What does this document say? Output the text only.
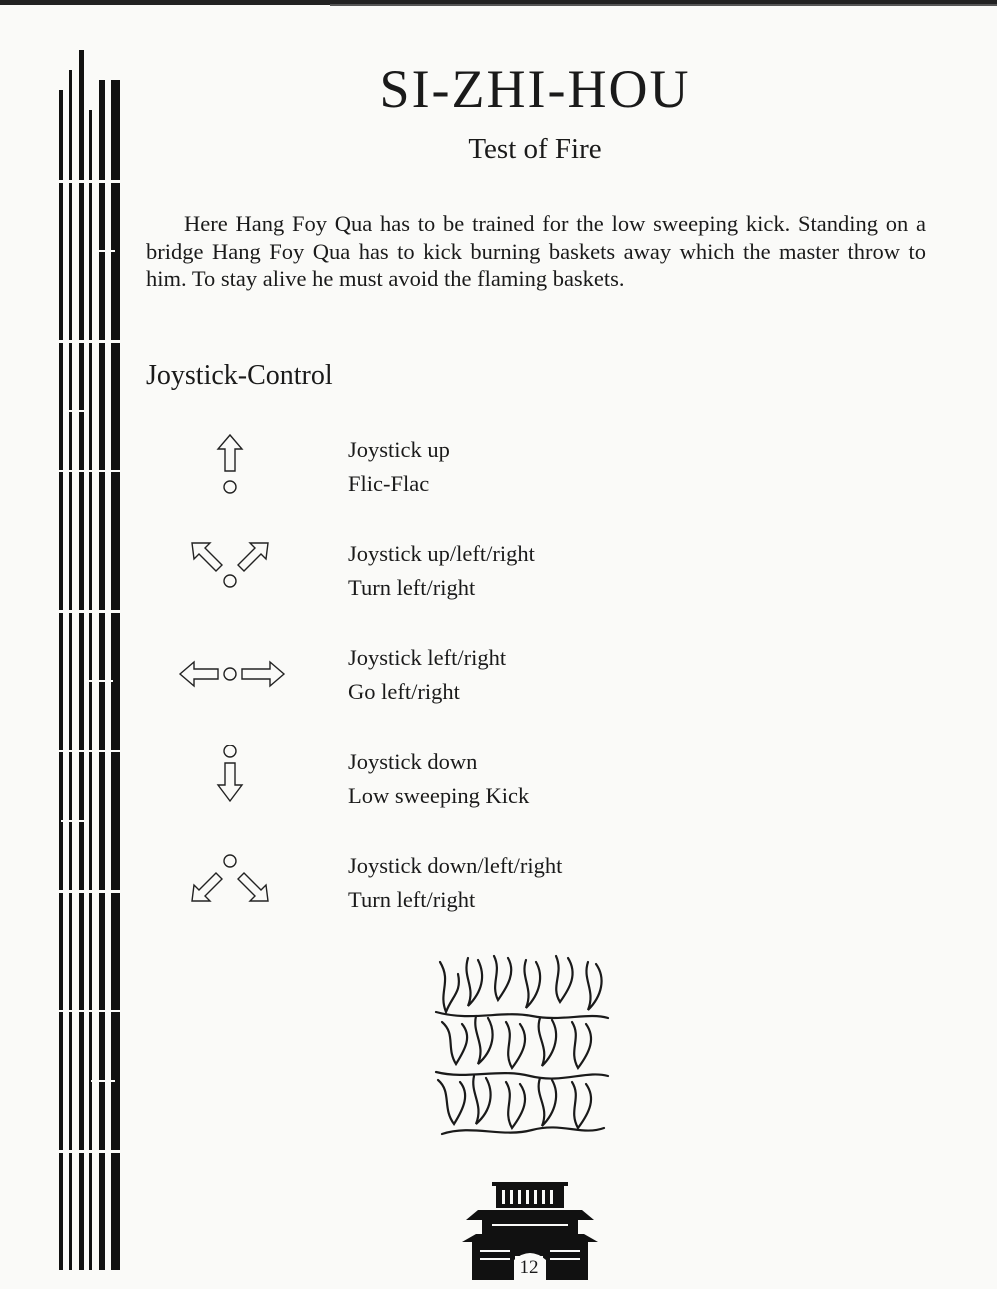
SI-ZHI-HOU
Test of Fire

Here Hang Foy Qua has to be trained for the low sweeping kick. Standing on a bridge Hang Foy Qua has to kick burning baskets away which the master throw to him. To stay alive he must avoid the flaming baskets.

Joystick-Control
Joystick up
Flic-Flac
Joystick up/left/right
Turn left/right
Joystick left/right
Go left/right
Joystick down
Low sweeping Kick
Joystick down/left/right
Turn left/right
12
